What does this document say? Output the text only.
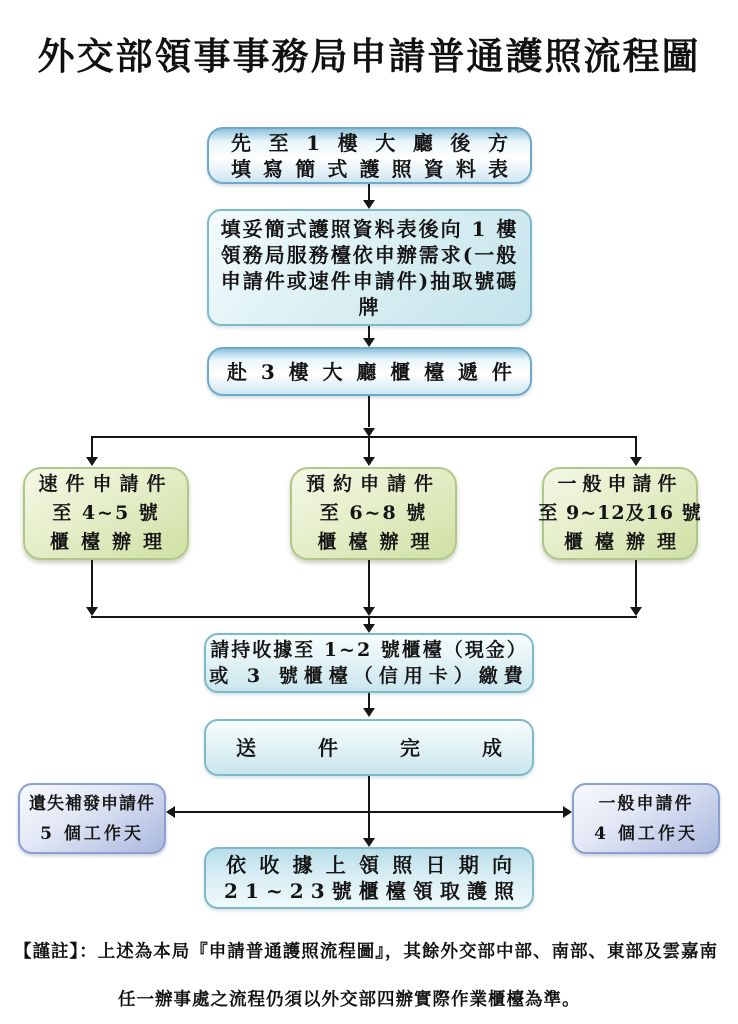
外交部領事事務局申請普通護照流程圖
先 至 1 樓 大 廳 後 方
填 寫 簡 式 護 照 資 料 表
填妥簡式護照資料表後向 1 樓
領務局服務檯依申辦需求(一般
申請件或速件申請件)抽取號碼
牌
赴 3 樓 大 廳 櫃 檯 遞 件
速件申請件
至 4~5 號
櫃檯辦理
預約申請件
至 6~8 號
櫃檯辦理
一般申請件
至 9~12及16 號
櫃檯辦理
請持收據至 1~2 號櫃檯（現金）
或 3 號櫃檯（信用卡）繳費
送	件	完	成
遺失補發申請件
5 個工作天
一般申請件
4 個工作天
依 收 據 上 領 照 日 期 向
2 1 ~ 2 3 號 櫃 檯 領 取 護 照
【謹註】：上述為本局『申請普通護照流程圖』，其餘外交部中部、南部、東部及雲嘉南
任一辦事處之流程仍須以外交部四辦實際作業櫃檯為準。
